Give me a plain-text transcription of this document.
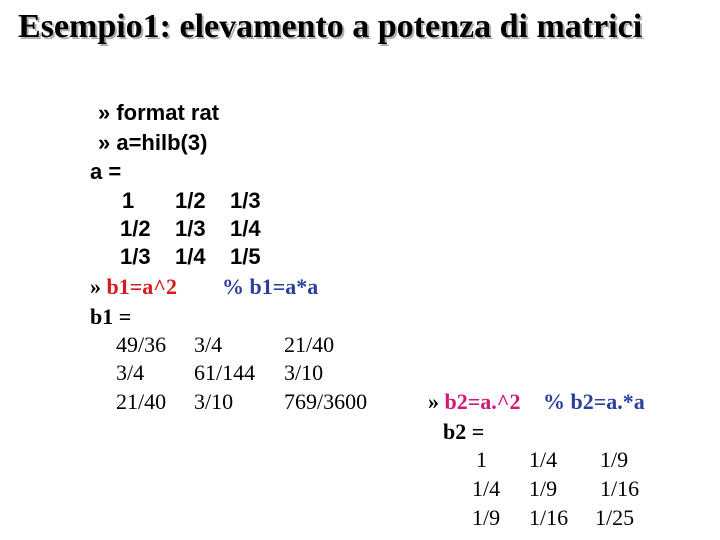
Esempio1: elevamento a potenza di matrici
» format rat
» a=hilb(3)
a =
1 1/2 1/3
1/2 1/3 1/4
1/3 1/4 1/5
» b1=a^2 % b1=a*a
b1 =
49/36 3/4	21/40
3/4 61/144 3/10
21/40 3/10 769/3600	» b2=a.^2 % b2=a.*a
b2 =
1 1/4 1/9
1/4 1/9 1/16
1/9 1/16 1/25
